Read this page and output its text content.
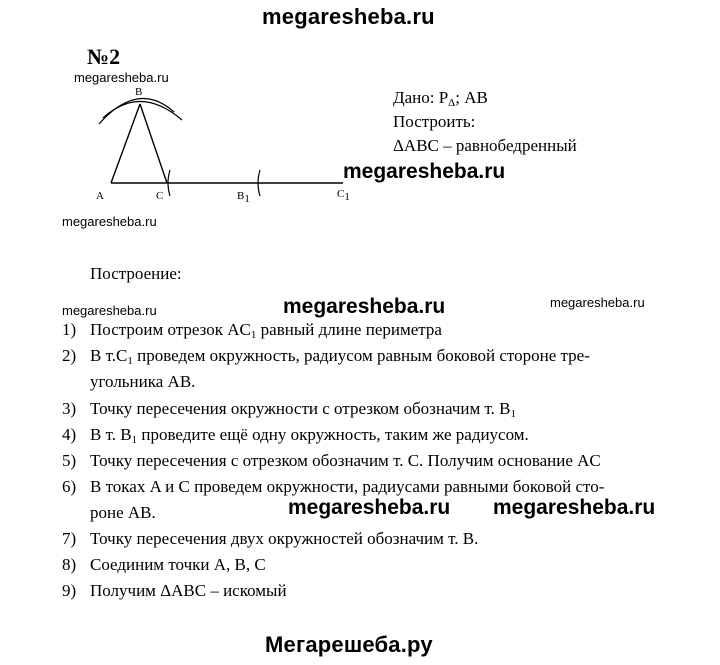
megaresheba.ru
№2
megaresheba.ru
B
A	C	$B_1$	$C_1$
Дано: $P_\Delta$; AB
Построить:
ΔABC – равнобедренный
megaresheba.ru
megaresheba.ru
Построение:
megaresheba.ru	megaresheba.ru	megaresheba.ru
1) Построим отрезок $AC_1$ равный длине периметра
2) В $т.C_1$ проведем окружность, радиусом равным боковой стороне тре-
угольника AB.
3) Точку пересечения окружности с отрезком обозначим т. $B_1$
4) В т. $B_1$ проведите ещё одну окружность, таким же радиусом.
5) Точку пересечения с отрезком обозначим т. С. Получим основание AC
6) В токах A и C проведем окружности, радиусами равными боковой сто-
роне AB.
7) Точку пересечения двух окружностей обозначим т. B.
8) Соединим точки A, B, C
9) Получим ΔABC – искомый
megaresheba.ru megaresheba.ru
Мегарешеба.ру
